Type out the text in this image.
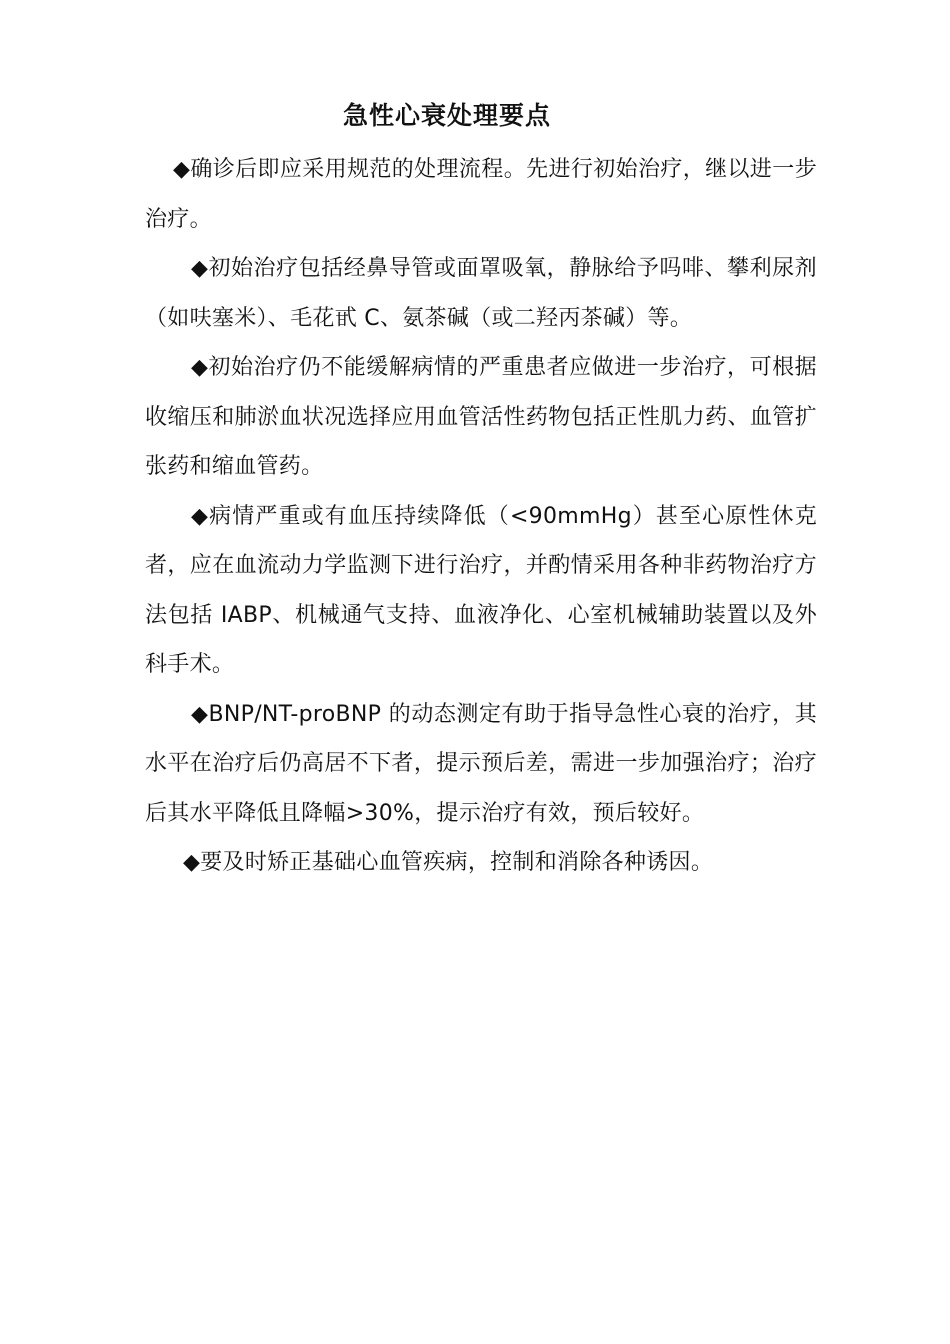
急性心衰处理要点

◆确诊后即应采用规范的处理流程。先进行初始治疗，继以进一步治疗。

◆初始治疗包括经鼻导管或面罩吸氧，静脉给予吗啡、攀利尿剂（如呋塞米）、毛花甙 C、氨茶碱（或二羟丙茶碱）等。

◆初始治疗仍不能缓解病情的严重患者应做进一步治疗，可根据收缩压和肺淤血状况选择应用血管活性药物包括正性肌力药、血管扩张药和缩血管药。

◆病情严重或有血压持续降低（<90mmHg）甚至心原性休克者，应在血流动力学监测下进行治疗，并酌情采用各种非药物治疗方法包括 IABP、机械通气支持、血液净化、心室机械辅助装置以及外科手术。

◆BNP/NT-proBNP 的动态测定有助于指导急性心衰的治疗，其水平在治疗后仍高居不下者，提示预后差，需进一步加强治疗；治疗后其水平降低且降幅>30%，提示治疗有效，预后较好。

◆要及时矫正基础心血管疾病，控制和消除各种诱因。
